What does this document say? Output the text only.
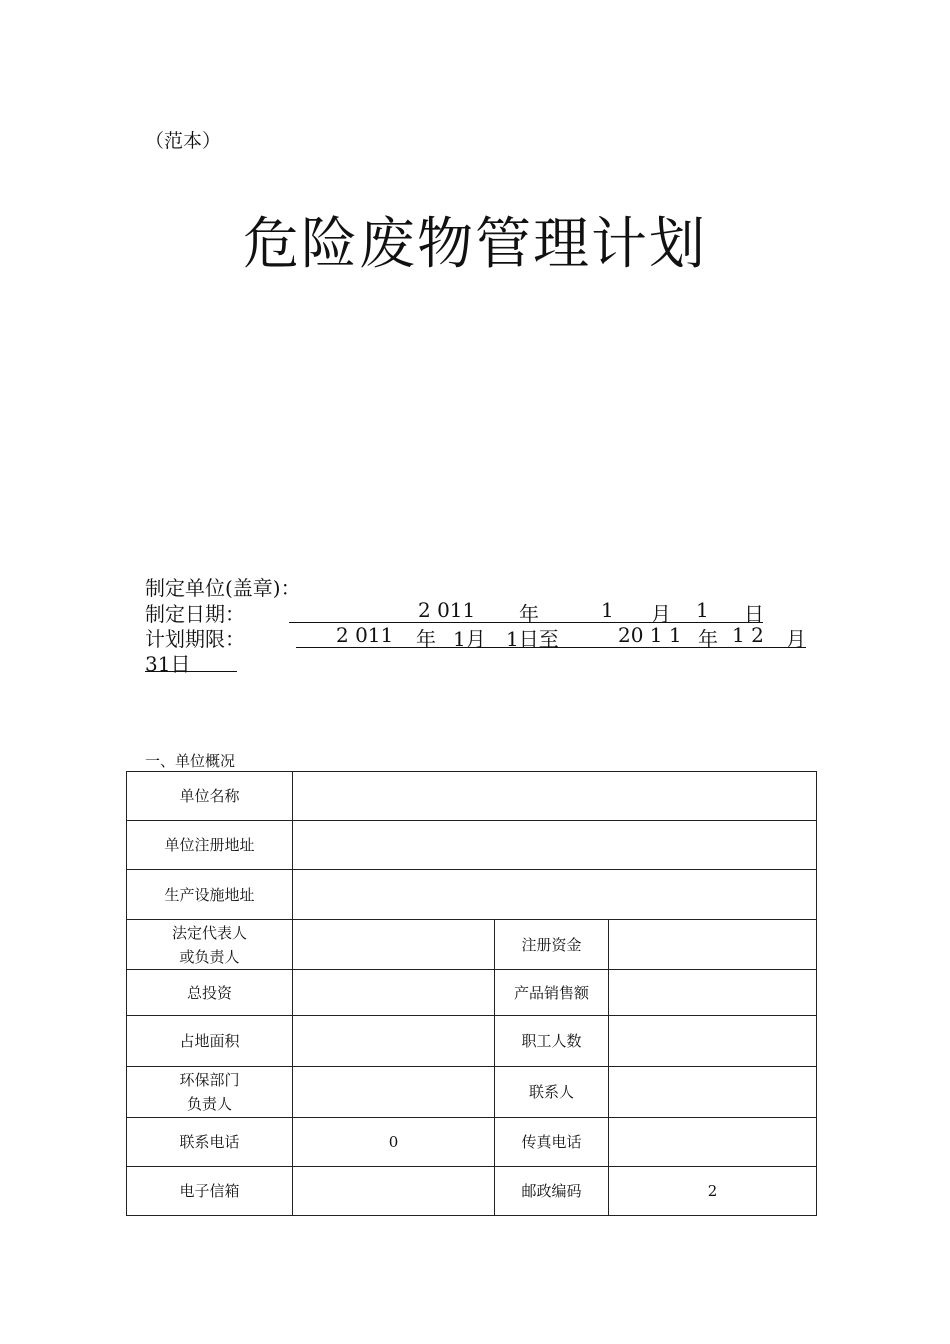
（范本）
危险废物管理计划
制定单位(盖章)：
制定日期：	2 011 年	1 月 1 日
计划期限：	2 011 年 1月 1日至	20 1 1 年 1 2 月
31日
一、单位概况
单位名称			
单位注册地址			
生产设施地址			
法定代表人
或负责人		注册资金	
总投资		产品销售额	
占地面积		职工人数	
环保部门
负责人		联系人	
联系电话	0	传真电话	
电子信箱		邮政编码	2
